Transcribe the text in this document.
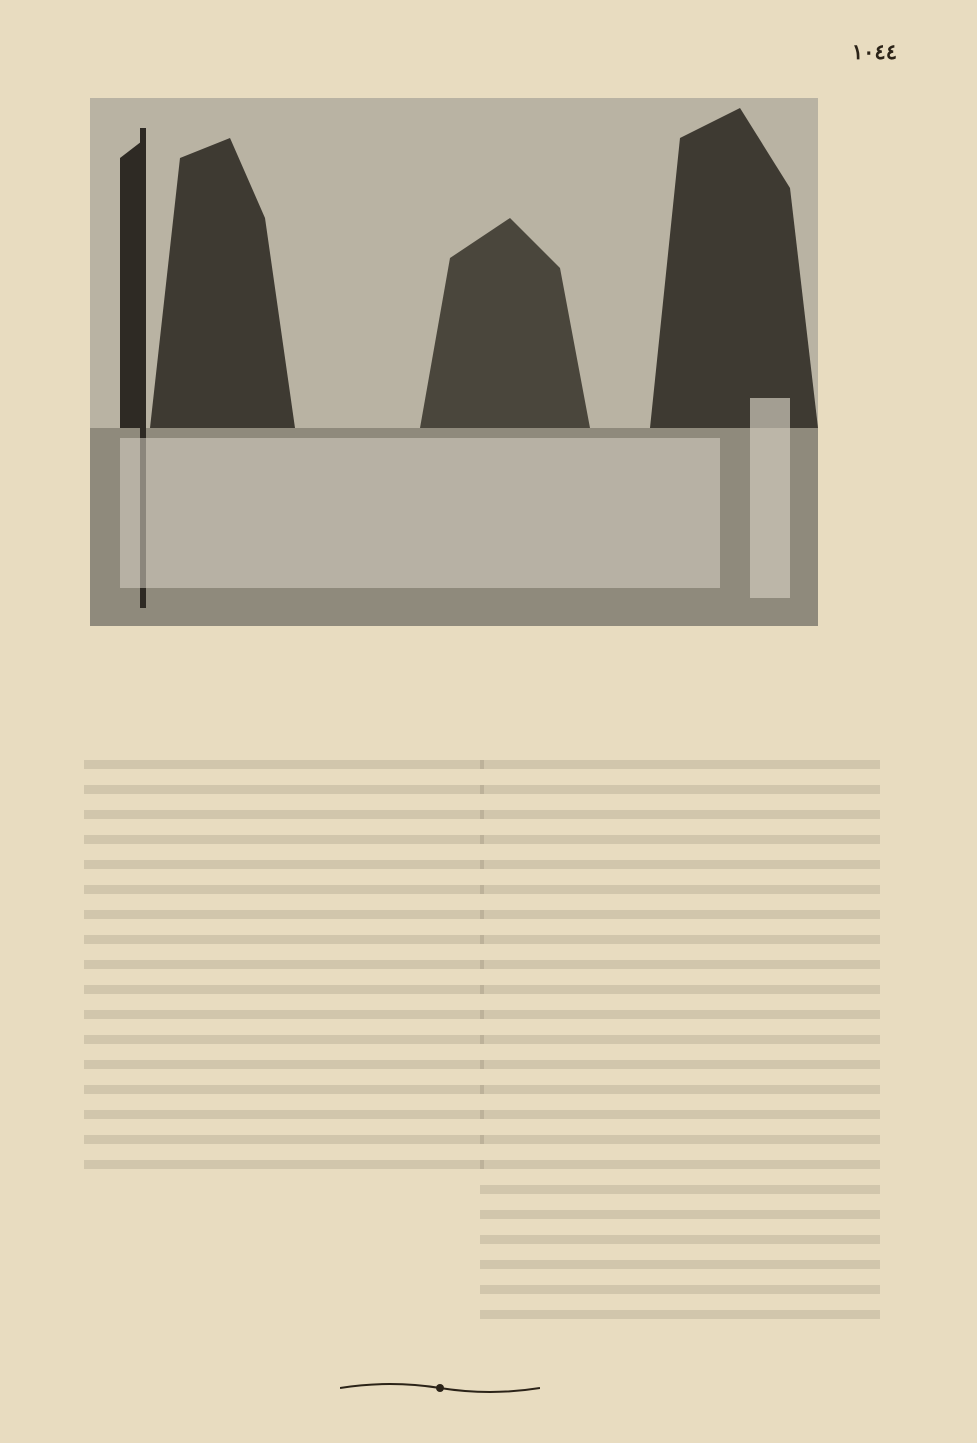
١٠٤٤
